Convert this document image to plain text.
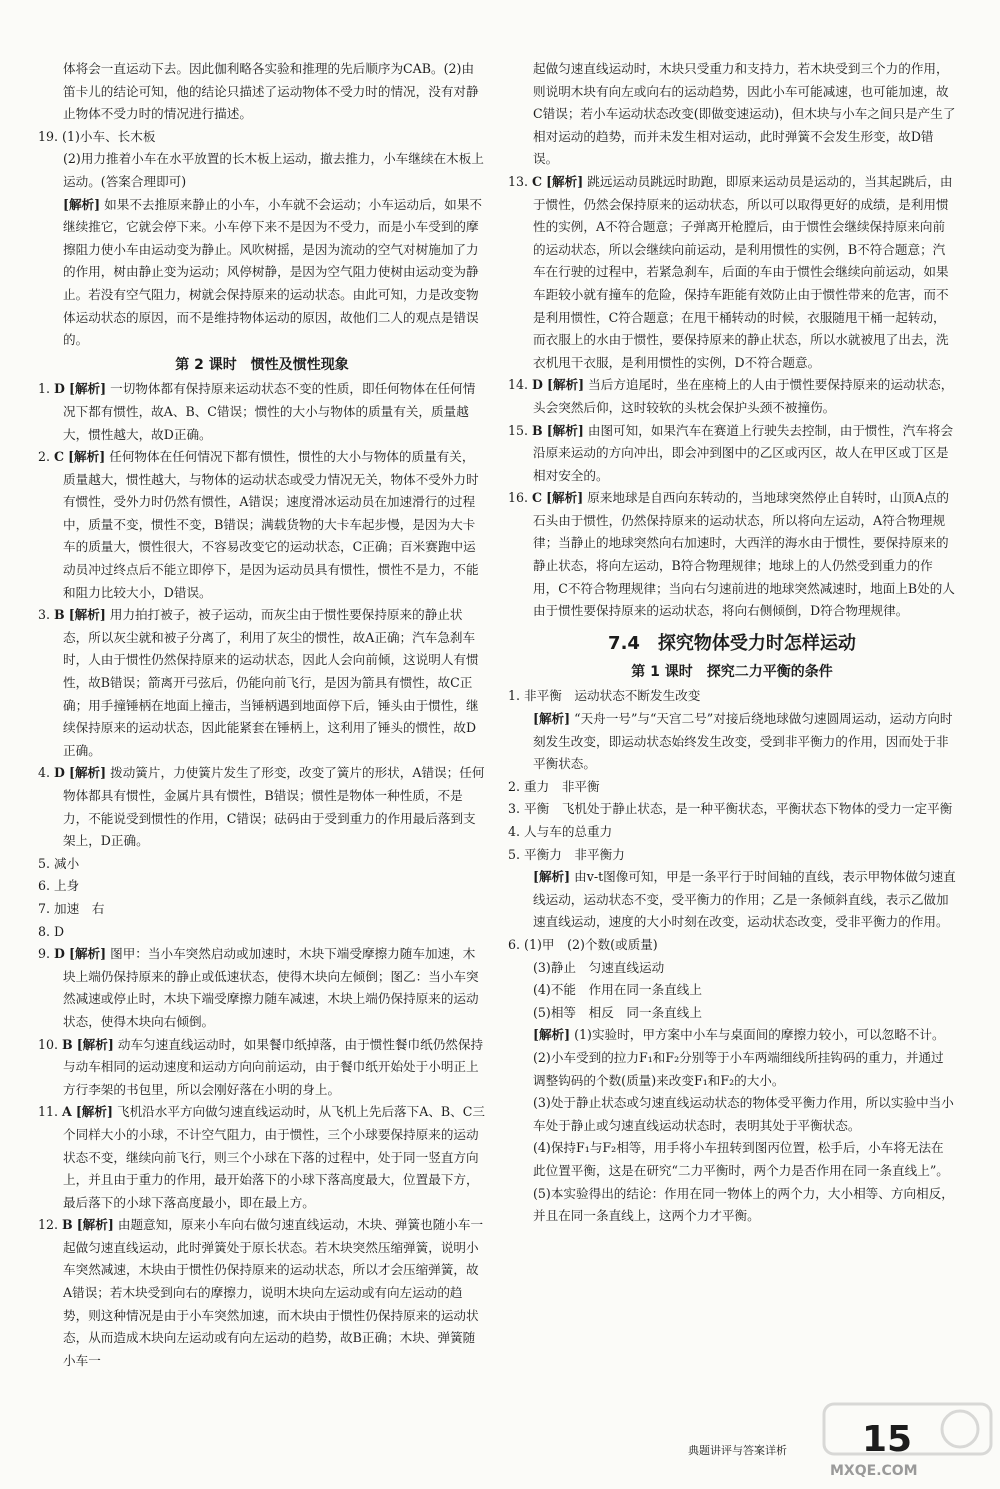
体将会一直运动下去。因此伽利略各实验和推理的先后顺序为CAB。(2)由笛卡儿的结论可知，他的结论只描述了运动物体不受力时的情况，没有对静止物体不受力时的情况进行描述。
19. (1)小车、长木板
(2)用力推着小车在水平放置的长木板上运动，撤去推力，小车继续在木板上运动。(答案合理即可)
[解析] 如果不去推原来静止的小车，小车就不会运动；小车运动后，如果不继续推它，它就会停下来。小车停下来不是因为不受力，而是小车受到的摩擦阻力使小车由运动变为静止。风吹树摇，是因为流动的空气对树施加了力的作用，树由静止变为运动；风停树静，是因为空气阻力使树由运动变为静止。若没有空气阻力，树就会保持原来的运动状态。由此可知，力是改变物体运动状态的原因，而不是维持物体运动的原因，故他们二人的观点是错误的。
第 2 课时　惯性及惯性现象
1. D [解析] 一切物体都有保持原来运动状态不变的性质，即任何物体在任何情况下都有惯性，故A、B、C错误；惯性的大小与物体的质量有关，质量越大，惯性越大，故D正确。
2. C [解析] 任何物体在任何情况下都有惯性，惯性的大小与物体的质量有关，质量越大，惯性越大，与物体的运动状态或受力情况无关，物体不受外力时有惯性，受外力时仍然有惯性，A错误；速度滑冰运动员在加速滑行的过程中，质量不变，惯性不变，B错误；满载货物的大卡车起步慢，是因为大卡车的质量大，惯性很大，不容易改变它的运动状态，C正确；百米赛跑中运动员冲过终点后不能立即停下，是因为运动员具有惯性，惯性不是力，不能和阻力比较大小，D错误。
3. B [解析] 用力拍打被子，被子运动，而灰尘由于惯性要保持原来的静止状态，所以灰尘就和被子分离了，利用了灰尘的惯性，故A正确；汽车急刹车时，人由于惯性仍然保持原来的运动状态，因此人会向前倾，这说明人有惯性，故B错误；箭离开弓弦后，仍能向前飞行，是因为箭具有惯性，故C正确；用手撞锤柄在地面上撞击，当锤柄遇到地面停下后，锤头由于惯性，继续保持原来的运动状态，因此能紧套在锤柄上，这利用了锤头的惯性，故D正确。
4. D [解析] 拨动簧片，力使簧片发生了形变，改变了簧片的形状，A错误；任何物体都具有惯性，金属片具有惯性，B错误；惯性是物体一种性质，不是力，不能说受到惯性的作用，C错误；砝码由于受到重力的作用最后落到支架上，D正确。
5. 减小
6. 上身
7. 加速　右
8. D
9. D [解析] 图甲：当小车突然启动或加速时，木块下端受摩擦力随车加速，木块上端仍保持原来的静止或低速状态，使得木块向左倾倒；图乙：当小车突然减速或停止时，木块下端受摩擦力随车减速，木块上端仍保持原来的运动状态，使得木块向右倾倒。
10. B [解析] 动车匀速直线运动时，如果餐巾纸掉落，由于惯性餐巾纸仍然保持与动车相同的运动速度和运动方向向前运动，由于餐巾纸开始处于小明正上方行李架的书包里，所以会刚好落在小明的身上。
11. A [解析] 飞机沿水平方向做匀速直线运动时，从飞机上先后落下A、B、C三个同样大小的小球，不计空气阻力，由于惯性，三个小球要保持原来的运动状态不变，继续向前飞行，则三个小球在下落的过程中，处于同一竖直方向上，并且由于重力的作用，最开始落下的小球下落高度最大，位置最下方，最后落下的小球下落高度最小，即在最上方。
12. B [解析] 由题意知，原来小车向右做匀速直线运动，木块、弹簧也随小车一起做匀速直线运动，此时弹簧处于原长状态。若木块突然压缩弹簧，说明小车突然减速，木块由于惯性仍保持原来的运动状态，所以才会压缩弹簧，故A错误；若木块受到向右的摩擦力，说明木块向左运动或有向左运动的趋势，则这种情况是由于小车突然加速，而木块由于惯性仍保持原来的运动状态，从而造成木块向左运动或有向左运动的趋势，故B正确；木块、弹簧随小车一
起做匀速直线运动时，木块只受重力和支持力，若木块受到三个力的作用，则说明木块有向左或向右的运动趋势，因此小车可能减速，也可能加速，故C错误；若小车运动状态改变(即做变速运动)，但木块与小车之间只是产生了相对运动的趋势，而并未发生相对运动，此时弹簧不会发生形变，故D错误。
13. C [解析] 跳远运动员跳远时助跑，即原来运动员是运动的，当其起跳后，由于惯性，仍然会保持原来的运动状态，所以可以取得更好的成绩，是利用惯性的实例，A不符合题意；子弹离开枪膛后，由于惯性会继续保持原来向前的运动状态，所以会继续向前运动，是利用惯性的实例，B不符合题意；汽车在行驶的过程中，若紧急刹车，后面的车由于惯性会继续向前运动，如果车距较小就有撞车的危险，保持车距能有效防止由于惯性带来的危害，而不是利用惯性，C符合题意；在甩干桶转动的时候，衣服随甩干桶一起转动，而衣服上的水由于惯性，要保持原来的静止状态，所以水就被甩了出去，洗衣机甩干衣服，是利用惯性的实例，D不符合题意。
14. D [解析] 当后方追尾时，坐在座椅上的人由于惯性要保持原来的运动状态，头会突然后仰，这时较软的头枕会保护头颈不被撞伤。
15. B [解析] 由图可知，如果汽车在赛道上行驶失去控制，由于惯性，汽车将会沿原来运动的方向冲出，即会冲到图中的乙区或丙区，故人在甲区或丁区是相对安全的。
16. C [解析] 原来地球是自西向东转动的，当地球突然停止自转时，山顶A点的石头由于惯性，仍然保持原来的运动状态，所以将向左运动，A符合物理规律；当静止的地球突然向右加速时，大西洋的海水由于惯性，要保持原来的静止状态，将向左运动，B符合物理规律；地球上的人仍然受到重力的作用，C不符合物理规律；当向右匀速前进的地球突然减速时，地面上B处的人由于惯性要保持原来的运动状态，将向右侧倾倒，D符合物理规律。
7.4　探究物体受力时怎样运动
第 1 课时　探究二力平衡的条件
1. 非平衡　运动状态不断发生改变
[解析] “天舟一号”与“天宫二号”对接后绕地球做匀速圆周运动，运动方向时刻发生改变，即运动状态始终发生改变，受到非平衡力的作用，因而处于非平衡状态。
2. 重力　非平衡
3. 平衡　飞机处于静止状态，是一种平衡状态，平衡状态下物体的受力一定平衡
4. 人与车的总重力
5. 平衡力　非平衡力
[解析] 由v-t图像可知，甲是一条平行于时间轴的直线，表示甲物体做匀速直线运动，运动状态不变，受平衡力的作用；乙是一条倾斜直线，表示乙做加速直线运动，速度的大小时刻在改变，运动状态改变，受非平衡力的作用。
6. (1)甲　(2)个数(或质量)
(3)静止　匀速直线运动
(4)不能　作用在同一条直线上
(5)相等　相反　同一条直线上
[解析] (1)实验时，甲方案中小车与桌面间的摩擦力较小，可以忽略不计。
(2)小车受到的拉力F₁和F₂分别等于小车两端细线所挂钩码的重力，并通过调整钩码的个数(质量)来改变F₁和F₂的大小。
(3)处于静止状态或匀速直线运动状态的物体受平衡力作用，所以实验中当小车处于静止或匀速直线运动状态时，表明其处于平衡状态。
(4)保持F₁与F₂相等，用手将小车扭转到图丙位置，松手后，小车将无法在此位置平衡，这是在研究“二力平衡时，两个力是否作用在同一条直线上”。
(5)本实验得出的结论：作用在同一物体上的两个力，大小相等、方向相反，并且在同一条直线上，这两个力才平衡。
典题讲评与答案详析 15
MXQE.COM
